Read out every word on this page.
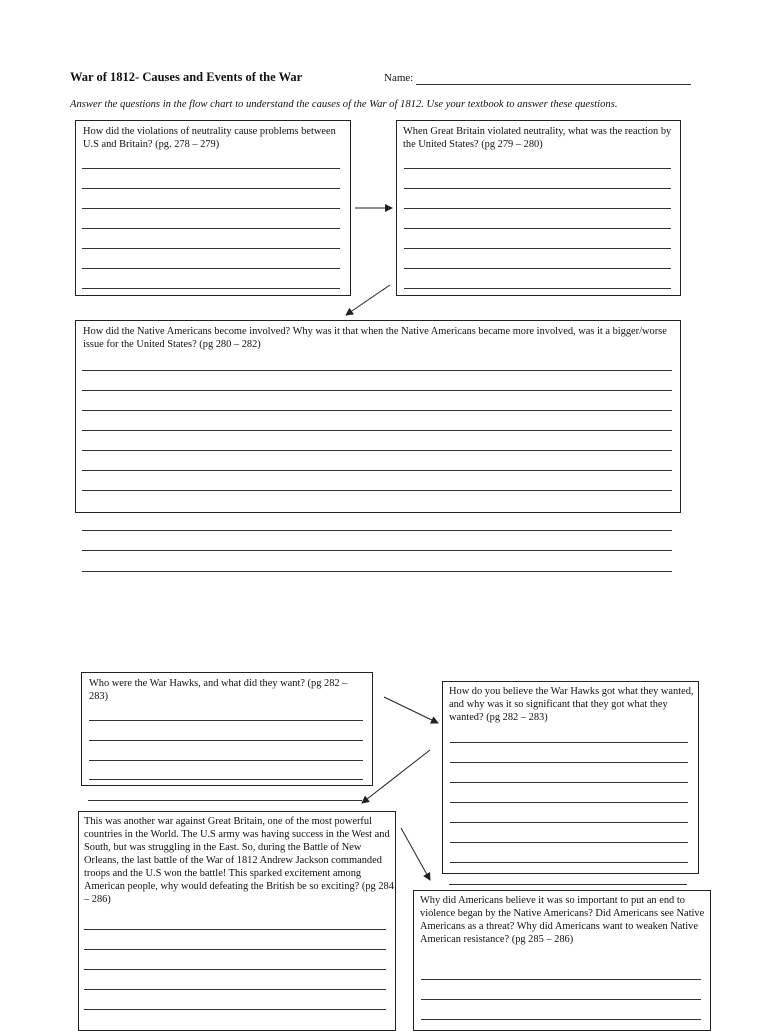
War of 1812- Causes and Events of the War	Name:
Answer the questions in the flow chart to understand the causes of the War of 1812. Use your textbook to answer these questions.
How did the violations of neutrality cause problems between U.S and Britain? (pg. 278 – 279)
When Great Britain violated neutrality, what was the reaction by the United States? (pg 279 – 280)
How did the Native Americans become involved? Why was it that when the Native Americans became more involved, was it a bigger/worse issue for the United States? (pg 280 – 282)
Who were the War Hawks, and what did they want? (pg 282 – 283)	How do you believe the War Hawks got what they wanted, and why was it so significant that they got what they wanted? (pg 282 – 283)
This was another war against Great Britain, one of the most powerful countries in the World. The U.S army was having success in the West and South, but was struggling in the East. So, during the Battle of New Orleans, the last battle of the War of 1812 Andrew Jackson commanded troops and the U.S won the battle! This sparked excitement among American people, why would defeating the British be so exciting? (pg 284 – 286)	Why did Americans believe it was so important to put an end to violence began by the Native Americans? Did Americans see Native Americans as a threat? Why did Americans want to weaken Native American resistance? (pg 285 – 286)
